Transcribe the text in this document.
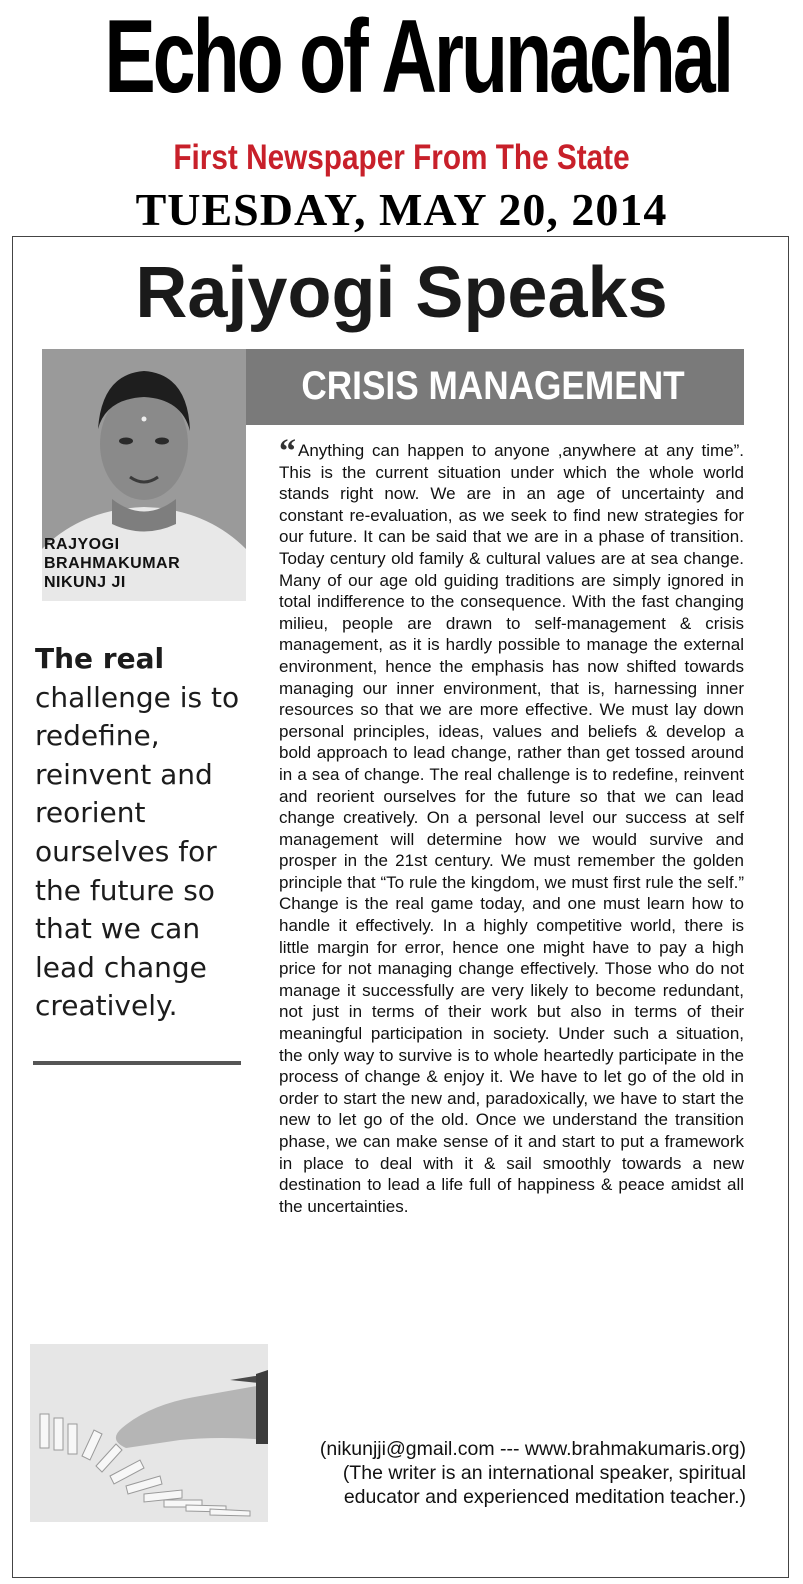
Echo of Arunachal
First Newspaper From The State
TUESDAY, MAY 20, 2014
Rajyogi Speaks
CRISIS MANAGEMENT
RAJYOGI
BRAHMAKUMAR
NIKUNJ JI
The real challenge is to redefine, reinvent and reorient ourselves for the future so that we can lead change creatively.
“ Anything can happen to anyone ,anywhere at any time”. This is the current situation under which the whole world stands right now. We are in an age of uncertainty and constant re-evaluation, as we seek to find new strategies for our future. It can be said that we are in a phase of transition. Today century old family & cultural values are at sea change. Many of our age old guiding traditions are simply ignored in total indifference to the consequence. With the fast changing milieu, people are drawn to self-management & crisis management, as it is hardly possible to manage the external environment, hence the emphasis has now shifted towards managing our inner environment, that is, harnessing inner resources so that we are more effective. We must lay down personal principles, ideas, values and beliefs & develop a bold approach to lead change, rather than get tossed around in a sea of change. The real challenge is to redefine, reinvent and reorient ourselves for the future so that we can lead change creatively. On a personal level our success at self management will determine how we would survive and prosper in the 21st century. We must remember the golden principle that “To rule the kingdom, we must first rule the self.” Change is the real game today, and one must learn how to handle it effectively. In a highly competitive world, there is little margin for error, hence one might have to pay a high price for not managing change effectively. Those who do not manage it successfully are very likely to become redundant, not just in terms of their work but also in terms of their meaningful participation in society. Under such a situation, the only way to survive is to whole heartedly participate in the process of change & enjoy it. We have to let go of the old in order to start the new and, paradoxically, we have to start the new to let go of the old. Once we understand the transition phase, we can make sense of it and start to put a framework in place to deal with it & sail smoothly towards a new destination to lead a life full of happiness & peace amidst all the uncertainties.
(nikunjji@gmail.com --- www.brahmakumaris.org)
(The writer is an international speaker, spiritual
educator and experienced meditation teacher.)
